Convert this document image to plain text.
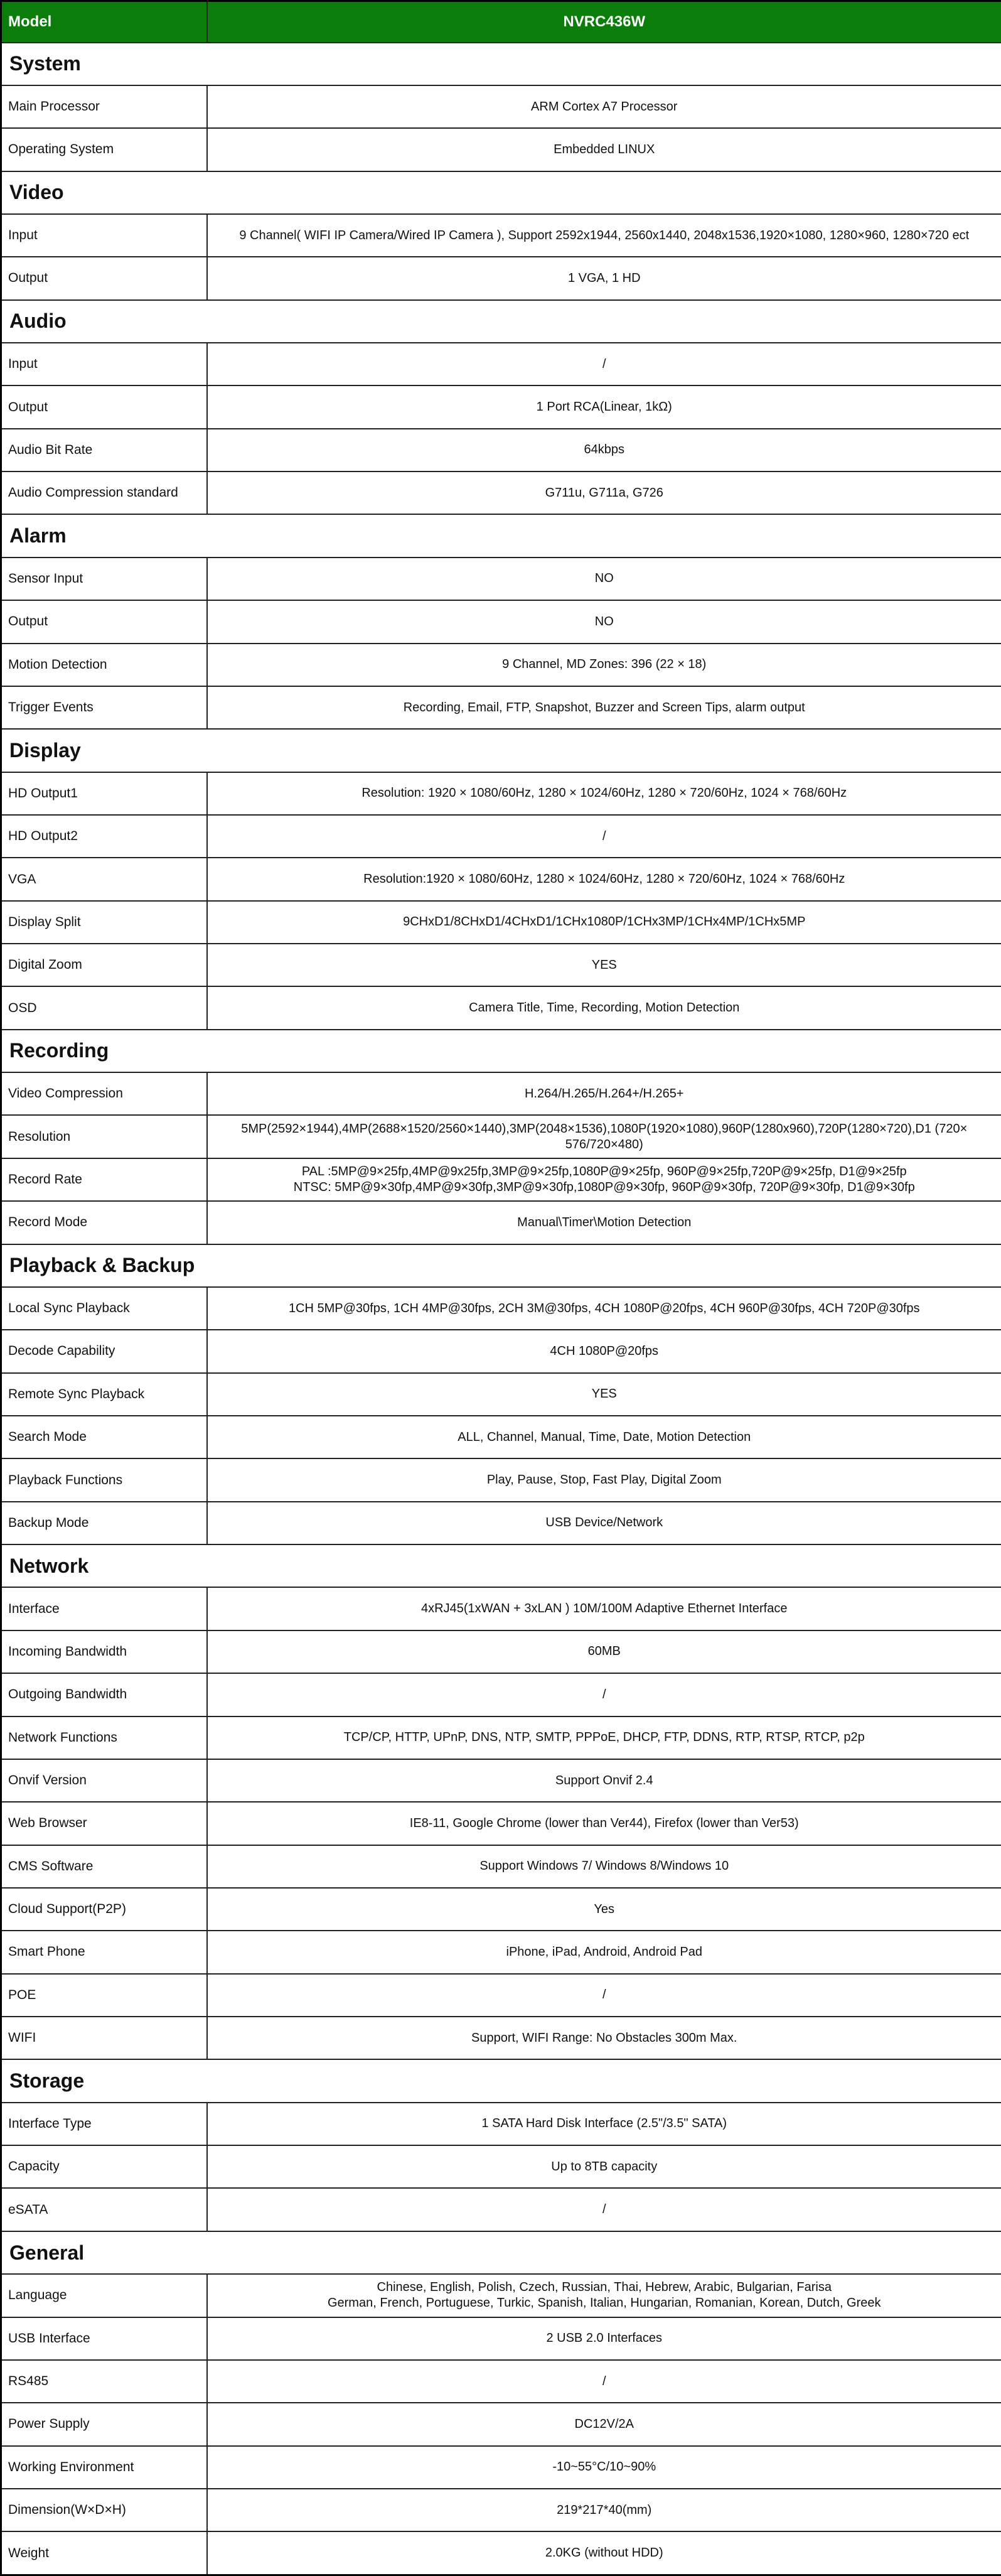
Model	NVRC436W
System	
Main Processor	ARM Cortex A7 Processor

Operating System	Embedded LINUX

Video	
Input	9 Channel( WIFI IP Camera/Wired IP Camera ), Support 2592x1944, 2560x1440, 2048x1536,1920×1080, 1280×960, 1280×720 ect

Output	1 VGA, 1 HD

Audio	
Input	/

Output	1 Port RCA(Linear, 1kΩ)

Audio Bit Rate	64kbps

Audio Compression standard	G711u, G711a, G726

Alarm	
Sensor Input	NO

Output	NO

Motion Detection	9 Channel, MD Zones: 396 (22 × 18)

Trigger Events	Recording, Email, FTP, Snapshot, Buzzer and Screen Tips, alarm output

Display	
HD Output1	Resolution: 1920 × 1080/60Hz, 1280 × 1024/60Hz, 1280 × 720/60Hz, 1024 × 768/60Hz

HD Output2	/

VGA	Resolution:1920 × 1080/60Hz, 1280 × 1024/60Hz, 1280 × 720/60Hz, 1024 × 768/60Hz

Display Split	9CHxD1/8CHxD1/4CHxD1/1CHx1080P/1CHx3MP/1CHx4MP/1CHx5MP

Digital Zoom	YES

OSD	Camera Title, Time, Recording, Motion Detection

Recording	
Video Compression	H.264/H.265/H.264+/H.265+

Resolution	5MP(2592×1944),4MP(2688×1520/2560×1440),3MP(2048×1536),1080P(1920×1080),960P(1280x960),720P(1280×720),D1 (720×
576/720×480)

Record Rate	PAL :5MP@9×25fp,4MP@9x25fp,3MP@9×25fp,1080P@9×25fp, 960P@9×25fp,720P@9×25fp, D1@9×25fp
NTSC: 5MP@9×30fp,4MP@9×30fp,3MP@9×30fp,1080P@9×30fp, 960P@9×30fp, 720P@9×30fp, D1@9×30fp

Record Mode	Manual\Timer\Motion Detection

Playback & Backup	
Local Sync Playback	1CH 5MP@30fps, 1CH 4MP@30fps, 2CH 3M@30fps, 4CH 1080P@20fps, 4CH 960P@30fps, 4CH 720P@30fps

Decode Capability	4CH 1080P@20fps

Remote Sync Playback	YES

Search Mode	ALL, Channel, Manual, Time, Date, Motion Detection

Playback Functions	Play, Pause, Stop, Fast Play, Digital Zoom

Backup Mode	USB Device/Network

Network	
Interface	4xRJ45(1xWAN + 3xLAN ) 10M/100M Adaptive Ethernet Interface

Incoming Bandwidth	60MB

Outgoing Bandwidth	/

Network Functions	TCP/CP, HTTP, UPnP, DNS, NTP, SMTP, PPPoE, DHCP, FTP, DDNS, RTP, RTSP, RTCP, p2p

Onvif Version	Support Onvif 2.4

Web Browser	IE8-11, Google Chrome (lower than Ver44), Firefox (lower than Ver53)

CMS Software	Support Windows 7/ Windows 8/Windows 10

Cloud Support(P2P)	Yes

Smart Phone	iPhone, iPad, Android, Android Pad

POE	/

WIFI	Support, WIFI Range: No Obstacles 300m Max.

Storage	
Interface Type	1 SATA Hard Disk Interface (2.5"/3.5" SATA)

Capacity	Up to 8TB capacity

eSATA	/

General	
Language	Chinese, English, Polish, Czech, Russian, Thai, Hebrew, Arabic, Bulgarian, Farisa
German, French, Portuguese, Turkic, Spanish, Italian, Hungarian, Romanian, Korean, Dutch, Greek

USB Interface	2 USB 2.0 Interfaces

RS485	/

Power Supply	DC12V/2A

Working Environment	-10~55°C/10~90%

Dimension(W×D×H)	219*217*40(mm)

Weight	2.0KG (without HDD)
